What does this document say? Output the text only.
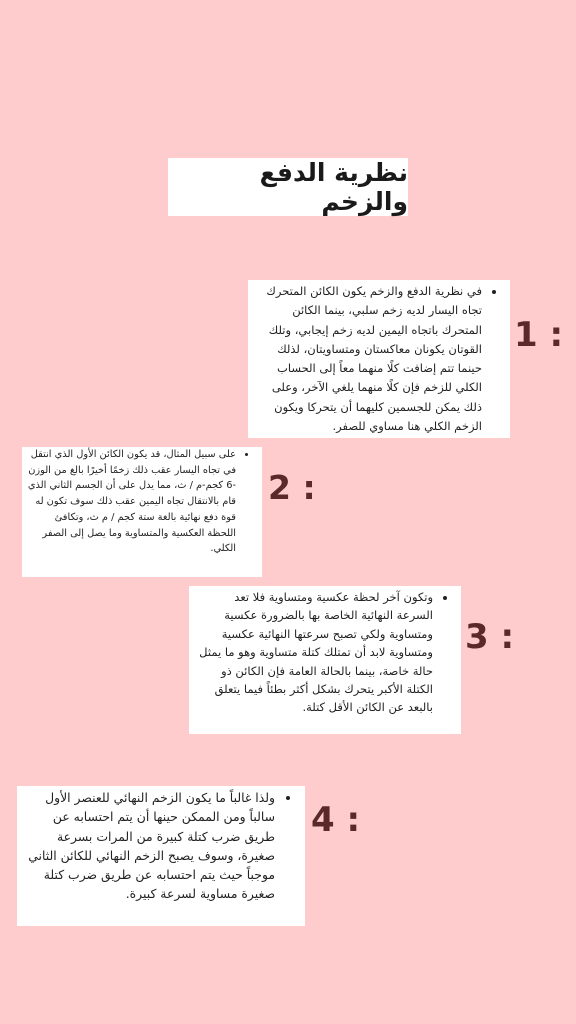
نظرية الدفع والزخم
• في نظرية الدفع والزخم يكون الكائن المتحرك تجاه اليسار لديه زخم سلبي، بينما الكائن المتحرك باتجاه اليمين لديه زخم إيجابي، وتلك القوتان يكونان معاكستان ومتساويتان، لذلك حينما تتم إضافت كلًا منهما معاً إلى الحساب الكلي للزخم فإن كلًا منهما يلغي الآخر، وعلى ذلك يمكن للجسمين كليهما أن يتحركا ويكون الزخم الكلي هنا مساوي للصفر.
1 :
• على سبيل المثال، قد يكون الكائن الأول الذي انتقل في تجاه اليسار عقب ذلك زخمًا أخيرًا بالغ من الوزن -6 كجم-م / ث، مما يدل على أن الجسم الثاني الذي قام بالانتقال تجاه اليمين عقب ذلك سوف تكون له قوة دفع نهائية بالغة ستة كجم / م ث، وتكافئ اللحظة العكسية والمتساوية وما يصل إلى الصفر الكلي.
2 :
• وتكون آخر لحظة عكسية ومتساوية فلا تعد السرعة النهائية الخاصة بها بالضرورة عكسية ومتساوية ولكي تصبح سرعتها النهائية عكسية ومتساوية لابد أن تمتلك كتلة متساوية وهو ما يمثل حالة خاصة، بينما بالحالة العامة فإن الكائن ذو الكتلة الأكبر يتحرك بشكل أكثر بطئاً فيما يتعلق بالبعد عن الكائن الأقل كتلة.
3 :
• ولذا غالباً ما يكون الزخم النهائي للعنصر الأول سالباً ومن الممكن حينها أن يتم احتسابه عن طريق ضرب كتلة كبيرة من المرات بسرعة صغيرة، وسوف يصبح الزخم النهائي للكائن الثاني موجباً حيث يتم احتسابه عن طريق ضرب كتلة صغيرة مساوية لسرعة كبيرة.
4 :
